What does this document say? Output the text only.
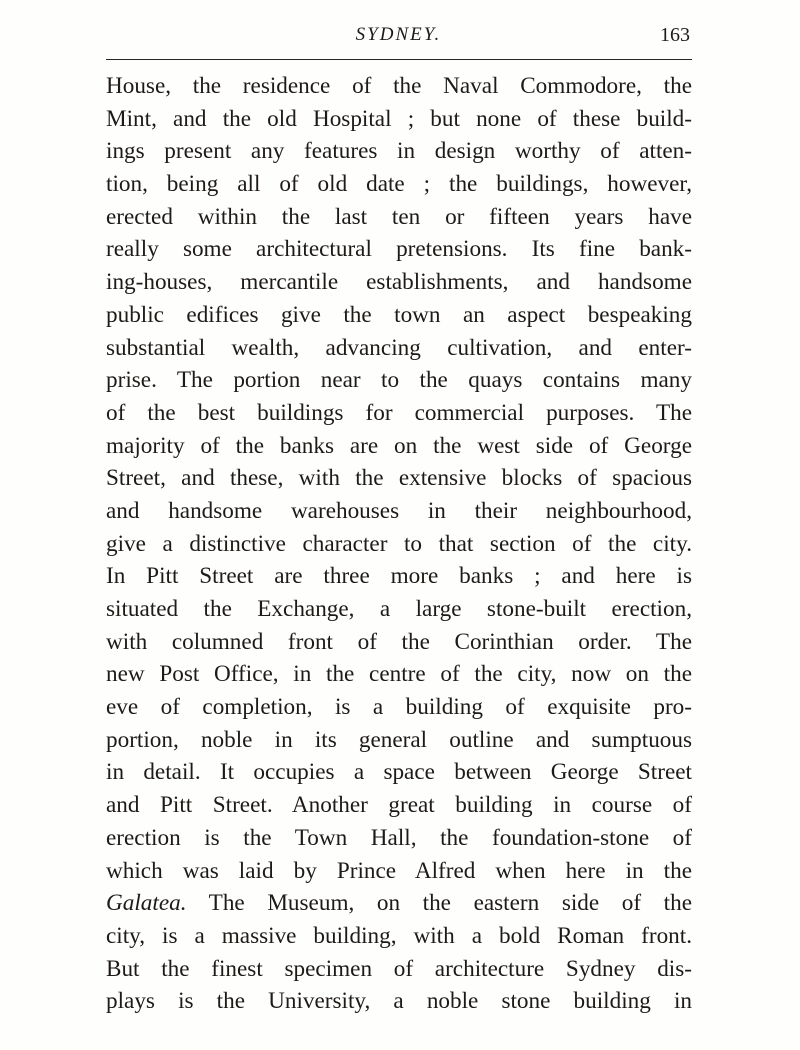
SYDNEY.	163
House, the residence of the Naval Commodore, the
Mint, and the old Hospital ; but none of these build-
ings present any features in design worthy of atten-
tion, being all of old date ; the buildings, however,
erected within the last ten or fifteen years have
really some architectural pretensions. Its fine bank-
ing-houses, mercantile establishments, and handsome
public edifices give the town an aspect bespeaking
substantial wealth, advancing cultivation, and enter-
prise. The portion near to the quays contains many
of the best buildings for commercial purposes. The
majority of the banks are on the west side of George
Street, and these, with the extensive blocks of spacious
and handsome warehouses in their neighbourhood,
give a distinctive character to that section of the city.
In Pitt Street are three more banks ; and here is
situated the Exchange, a large stone-built erection,
with columned front of the Corinthian order. The
new Post Office, in the centre of the city, now on the
eve of completion, is a building of exquisite pro-
portion, noble in its general outline and sumptuous
in detail. It occupies a space between George Street
and Pitt Street. Another great building in course of
erection is the Town Hall, the foundation-stone of
which was laid by Prince Alfred when here in the
Galatea. The Museum, on the eastern side of the
city, is a massive building, with a bold Roman front.
But the finest specimen of architecture Sydney dis-
plays is the University, a noble stone building in
